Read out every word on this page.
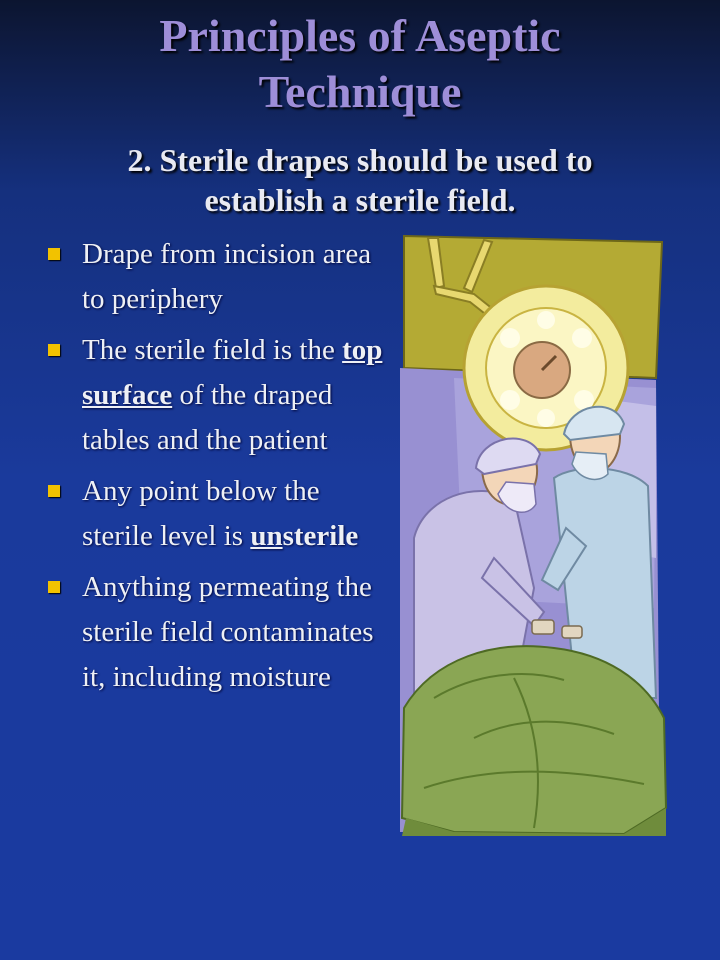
Principles of Aseptic
Technique
2. Sterile drapes should be used to
establish a sterile field.
Drape from incision area to periphery
The sterile field is the top surface of the draped tables and the patient
Any point below the sterile level is unsterile
Anything permeating the sterile field contaminates it, including moisture
